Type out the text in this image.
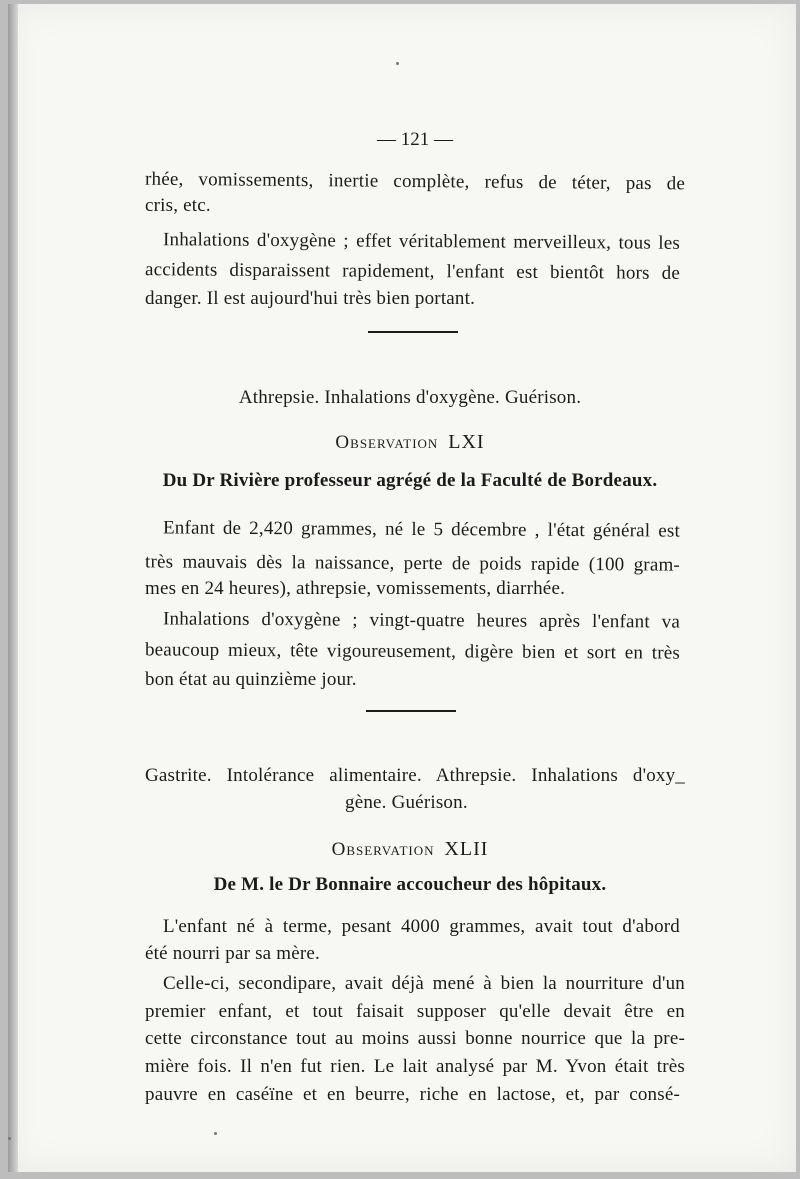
— 121 —
rhée, vomissements, inertie complète, refus de téter, pas de
cris, etc.
Inhalations d'oxygène ; effet véritablement merveilleux, tous les
accidents disparaissent rapidement, l'enfant est bientôt hors de
danger. Il est aujourd'hui très bien portant.
Athrepsie. Inhalations d'oxygène. Guérison.
Observation LXI
Du Dr Rivière professeur agrégé de la Faculté de Bordeaux.
Enfant de 2,420 grammes, né le 5 décembre , l'état général est
très mauvais dès la naissance, perte de poids rapide (100 gram-
mes en 24 heures), athrepsie, vomissements, diarrhée.
Inhalations d'oxygène ; vingt-quatre heures après l'enfant va
beaucoup mieux, tête vigoureusement, digère bien et sort en très
bon état au quinzième jour.
Gastrite. Intolérance alimentaire. Athrepsie. Inhalations d'oxy_
gène. Guérison.
Observation XLII
De M. le Dr Bonnaire accoucheur des hôpitaux.
L'enfant né à terme, pesant 4000 grammes, avait tout d'abord
été nourri par sa mère.
Celle-ci, secondipare, avait déjà mené à bien la nourriture d'un
premier enfant, et tout faisait supposer qu'elle devait être en
cette circonstance tout au moins aussi bonne nourrice que la pre-
mière fois. Il n'en fut rien. Le lait analysé par M. Yvon était très
pauvre en caséïne et en beurre, riche en lactose, et, par consé-
